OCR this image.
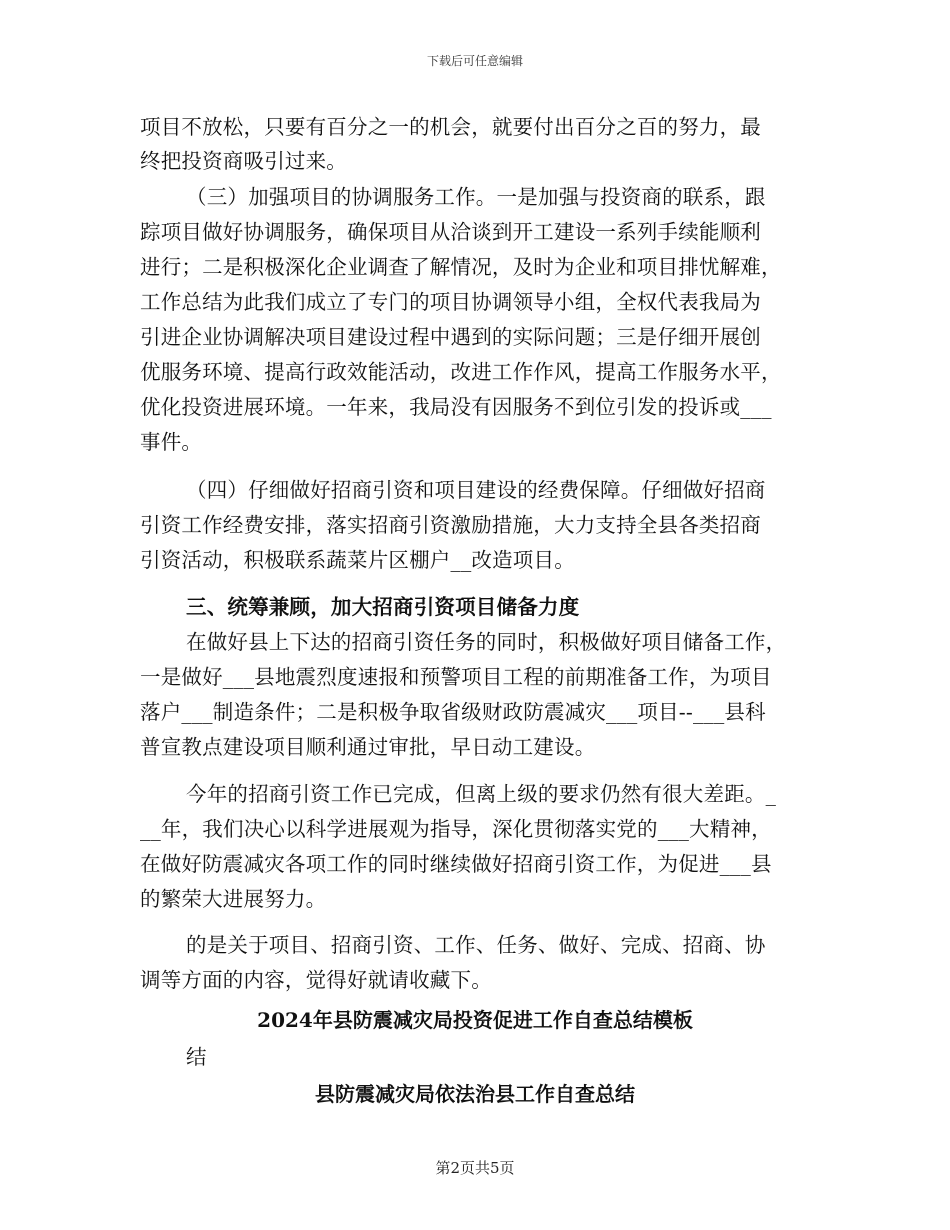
下载后可任意编辑
项目不放松，只要有百分之一的机会，就要付出百分之百的努力，最
终把投资商吸引过来。
（三）加强项目的协调服务工作。一是加强与投资商的联系，跟
踪项目做好协调服务，确保项目从洽谈到开工建设一系列手续能顺利
进行；二是积极深化企业调查了解情况，及时为企业和项目排忧解难，
工作总结为此我们成立了专门的项目协调领导小组，全权代表我局为
引进企业协调解决项目建设过程中遇到的实际问题；三是仔细开展创
优服务环境、提高行政效能活动，改进工作作风，提高工作服务水平，
优化投资进展环境。一年来，我局没有因服务不到位引发的投诉或___
事件。
（四）仔细做好招商引资和项目建设的经费保障。仔细做好招商
引资工作经费安排，落实招商引资激励措施，大力支持全县各类招商
引资活动，积极联系蔬菜片区棚户__改造项目。
三、统筹兼顾，加大招商引资项目储备力度
在做好县上下达的招商引资任务的同时，积极做好项目储备工作，
一是做好___县地震烈度速报和预警项目工程的前期准备工作，为项目
落户___制造条件；二是积极争取省级财政防震减灾___项目--___县科
普宣教点建设项目顺利通过审批，早日动工建设。
今年的招商引资工作已完成，但离上级的要求仍然有很大差距。_
__年，我们决心以科学进展观为指导，深化贯彻落实党的___大精神，
在做好防震减灾各项工作的同时继续做好招商引资工作，为促进___县
的繁荣大进展努力。
的是关于项目、招商引资、工作、任务、做好、完成、招商、协
调等方面的内容，觉得好就请收藏下。
2024年县防震减灾局投资促进工作自查总结模板
结
县防震减灾局依法治县工作自查总结
第2页共5页
